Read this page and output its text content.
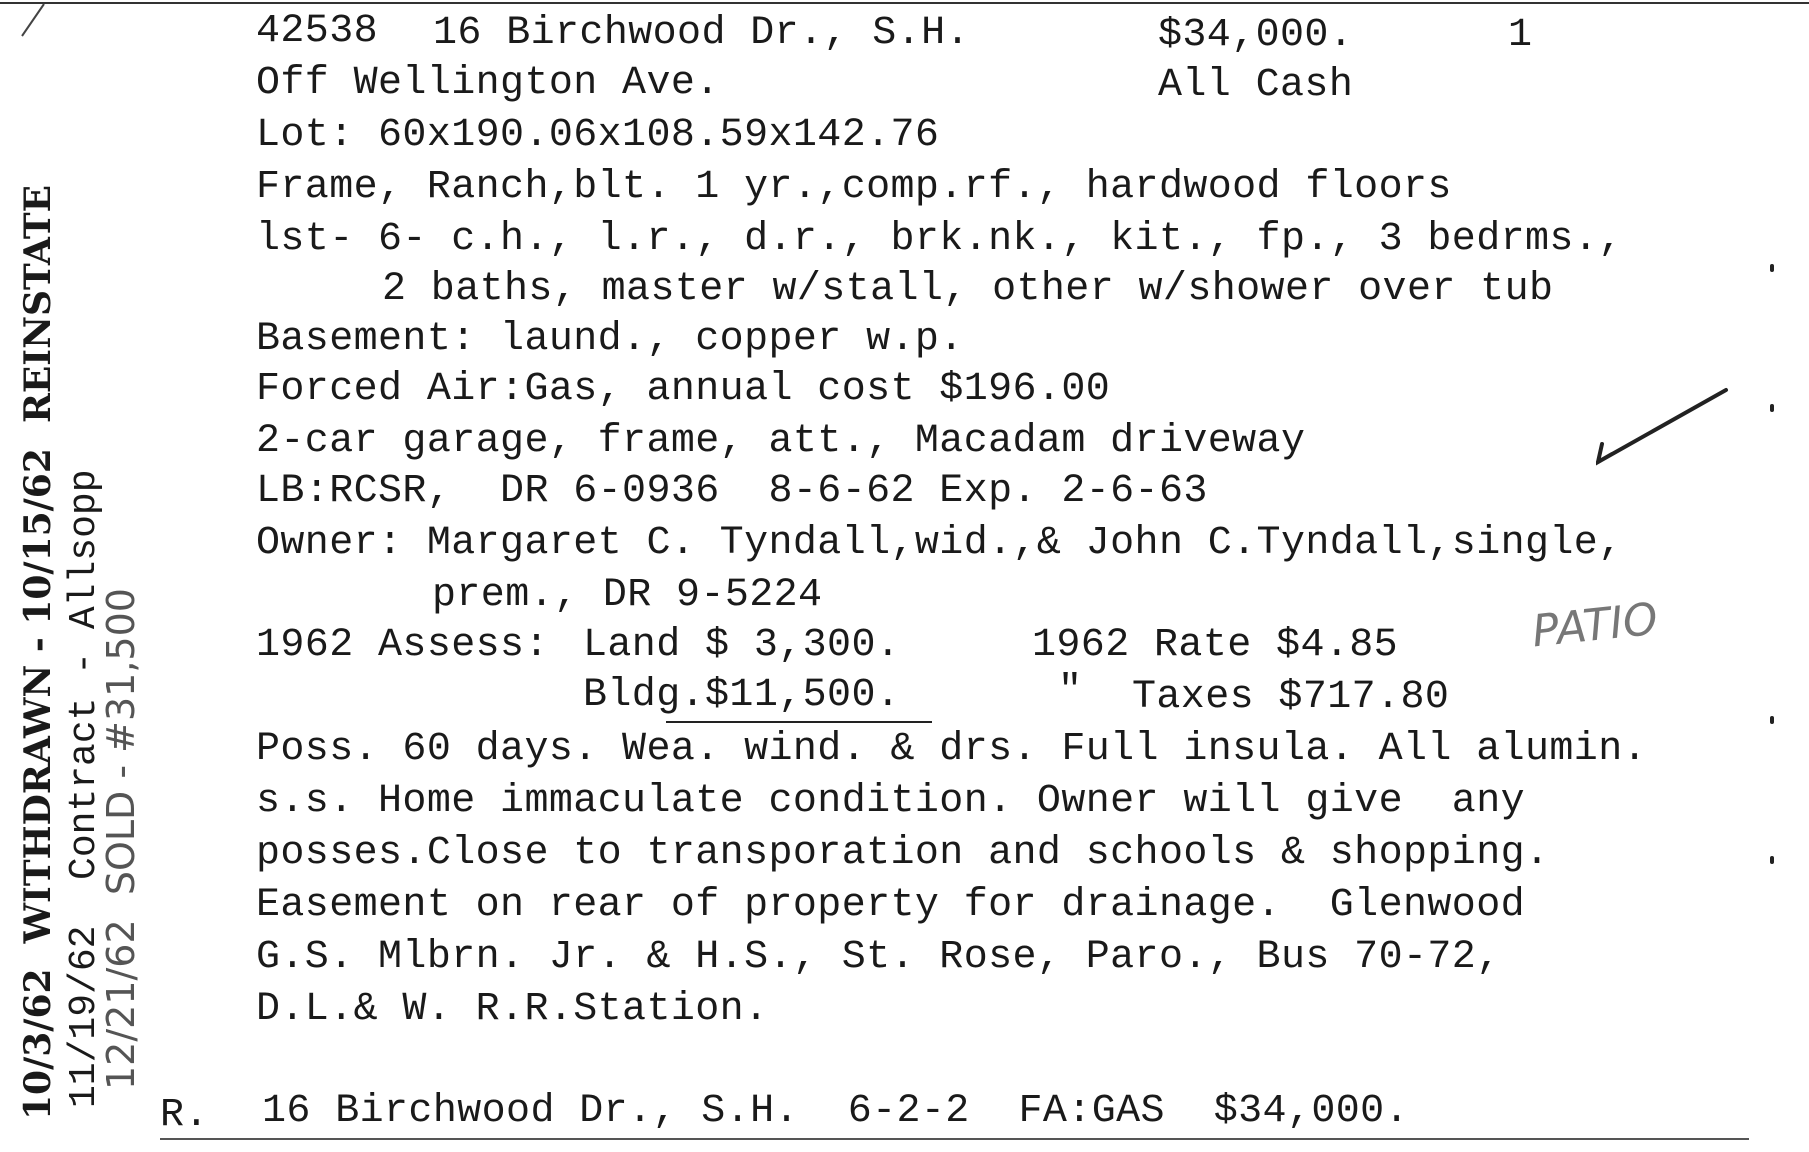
10/3/62  WITHDRAWN - 10/15/62  REINSTATE 11/19/62  Contract - Allsopp
12/21/62  SOLD - #31,500
42538 16 Birchwood Dr., S.H.	$34,000.	1
Off Wellington Ave.	All Cash
Lot: 60x190.06x108.59x142.76
Frame, Ranch,blt. 1 yr.,comp.rf., hardwood floors
lst- 6- c.h., l.r., d.r., brk.nk., kit., fp., 3 bedrms.,
2 baths, master w/stall, other w/shower over tub
Basement: laund., copper w.p.
Forced Air:Gas, annual cost $196.00
2-car garage, frame, att., Macadam driveway
LB:RCSR,  DR 6-0936  8-6-62 Exp. 2-6-63
Owner: Margaret C. Tyndall,wid.,& John C.Tyndall,single,
prem., DR 9-5224
1962 Assess: Land $ 3,300.	1962 Rate $4.85
Bldg.$11,500.	" Taxes $717.80
Poss. 60 days. Wea. wind. & drs. Full insula. All alumin.
s.s. Home immaculate condition. Owner will give  any
posses.Close to transporation and schools & shopping.
Easement on rear of property for drainage.  Glenwood
G.S. Mlbrn. Jr. & H.S., St. Rose, Paro., Bus 70-72,
D.L.& W. R.R.Station.
R. 16 Birchwood Dr., S.H.  6-2-2  FA:GAS  $34,000.
PATIO
